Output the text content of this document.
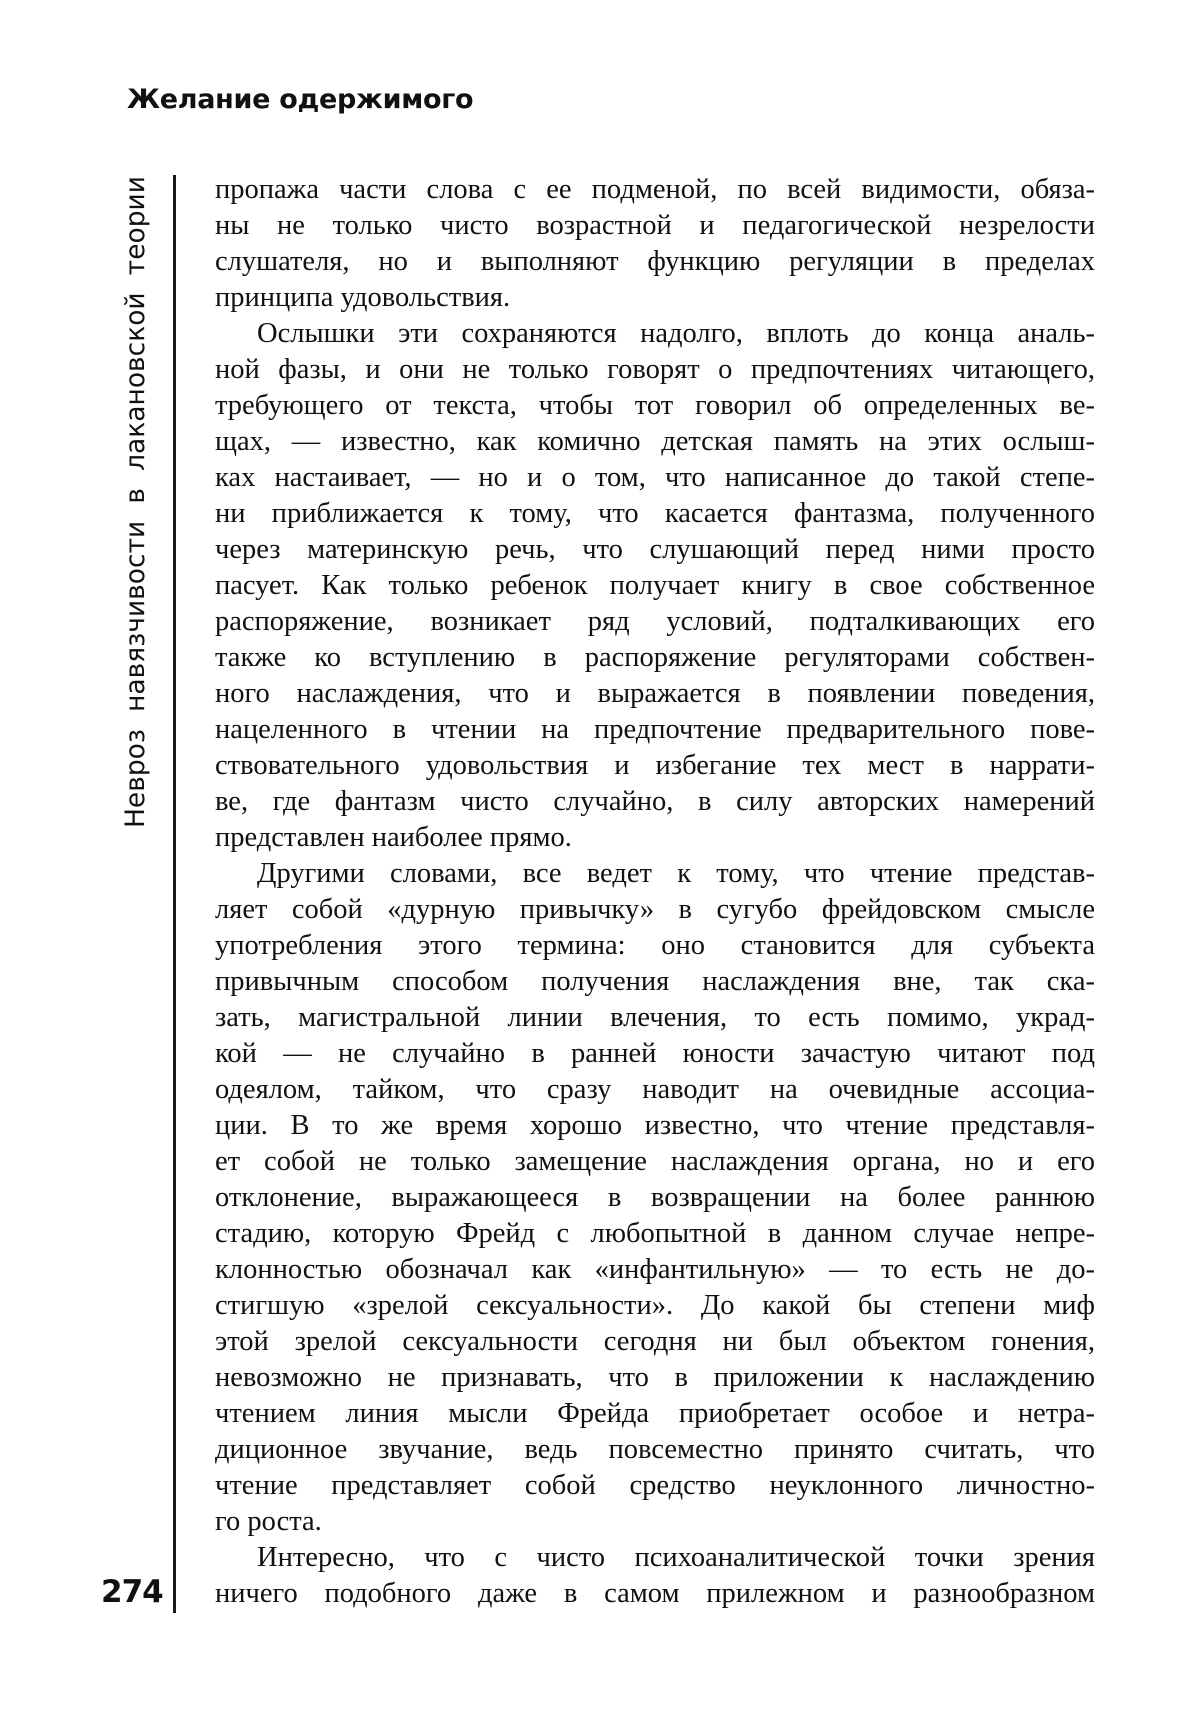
Желание одержимого
Невроз навязчивости в лакановской теории
274
пропажа части слова с ее подменой, по всей видимости, обяза-
ны не только чисто возрастной и педагогической незрелости
слушателя, но и выполняют функцию регуляции в пределах
принципа удовольствия.
Ослышки эти сохраняются надолго, вплоть до конца аналь-
ной фазы, и они не только говорят о предпочтениях читающего,
требующего от текста, чтобы тот говорил об определенных ве-
щах, — известно, как комично детская память на этих ослыш-
ках настаивает, — но и о том, что написанное до такой степе-
ни приближается к тому, что касается фантазма, полученного
через материнскую речь, что слушающий перед ними просто
пасует. Как только ребенок получает книгу в свое собственное
распоряжение, возникает ряд условий, подталкивающих его
также ко вступлению в распоряжение регуляторами собствен-
ного наслаждения, что и выражается в появлении поведения,
нацеленного в чтении на предпочтение предварительного пове-
ствовательного удовольствия и избегание тех мест в наррати-
ве, где фантазм чисто случайно, в силу авторских намерений
представлен наиболее прямо.
Другими словами, все ведет к тому, что чтение представ-
ляет собой «дурную привычку» в сугубо фрейдовском смысле
употребления этого термина: оно становится для субъекта
привычным способом получения наслаждения вне, так ска-
зать, магистральной линии влечения, то есть помимо, украд-
кой — не случайно в ранней юности зачастую читают под
одеялом, тайком, что сразу наводит на очевидные ассоциа-
ции. В то же время хорошо известно, что чтение представля-
ет собой не только замещение наслаждения органа, но и его
отклонение, выражающееся в возвращении на более раннюю
стадию, которую Фрейд с любопытной в данном случае непре-
клонностью обозначал как «инфантильную» — то есть не до-
стигшую «зрелой сексуальности». До какой бы степени миф
этой зрелой сексуальности сегодня ни был объектом гонения,
невозможно не признавать, что в приложении к наслаждению
чтением линия мысли Фрейда приобретает особое и нетра-
диционное звучание, ведь повсеместно принято считать, что
чтение представляет собой средство неуклонного личностно-
го роста.
Интересно, что с чисто психоаналитической точки зрения
ничего подобного даже в самом прилежном и разнообразном
